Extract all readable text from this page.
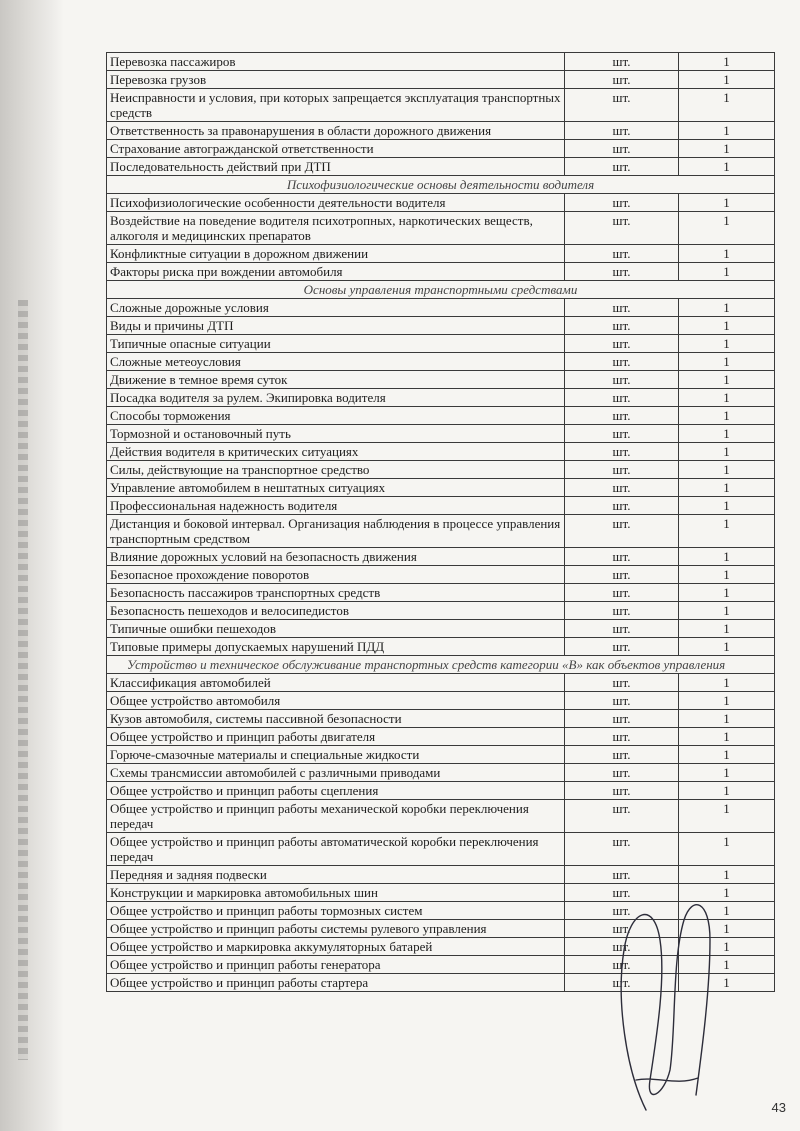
Перевозка пассажиров	шт.	1
Перевозка грузов	шт.	1
Неисправности и условия, при которых запрещается эксплуатация транспортных средств	шт.	1
Ответственность за правонарушения в области дорожного движения	шт.	1
Страхование автогражданской ответственности	шт.	1
Последовательность действий при ДТП	шт.	1
Психофизиологические основы деятельности водителя		
Психофизиологические особенности деятельности водителя	шт.	1
Воздействие на поведение водителя психотропных, наркотических веществ, алкоголя и медицинских препаратов	шт.	1
Конфликтные ситуации в дорожном движении	шт.	1
Факторы риска при вождении автомобиля	шт.	1
Основы управления транспортными средствами		
Сложные дорожные условия	шт.	1
Виды и причины ДТП	шт.	1
Типичные опасные ситуации	шт.	1
Сложные метеоусловия	шт.	1
Движение в темное время суток	шт.	1
Посадка водителя за рулем. Экипировка водителя	шт.	1
Способы торможения	шт.	1
Тормозной и остановочный путь	шт.	1
Действия водителя в критических ситуациях	шт.	1
Силы, действующие на транспортное средство	шт.	1
Управление автомобилем в нештатных ситуациях	шт.	1
Профессиональная надежность водителя	шт.	1
Дистанция и боковой интервал. Организация наблюдения в процессе управления транспортным средством	шт.	1
Влияние дорожных условий на безопасность движения	шт.	1
Безопасное прохождение поворотов	шт.	1
Безопасность пассажиров транспортных средств	шт.	1
Безопасность пешеходов и велосипедистов	шт.	1
Типичные ошибки пешеходов	шт.	1
Типовые примеры допускаемых нарушений ПДД	шт.	1
Устройство и техническое обслуживание транспортных средств категории «В» как объектов управления		
Классификация автомобилей	шт.	1
Общее устройство автомобиля	шт.	1
Кузов автомобиля, системы пассивной безопасности	шт.	1
Общее устройство и принцип работы двигателя	шт.	1
Горюче-смазочные материалы и специальные жидкости	шт.	1
Схемы трансмиссии автомобилей с различными приводами	шт.	1
Общее устройство и принцип работы сцепления	шт.	1
Общее устройство и принцип работы механической коробки переключения передач	шт.	1
Общее устройство и принцип работы автоматической коробки переключения передач	шт.	1
Передняя и задняя подвески	шт.	1
Конструкции и маркировка автомобильных шин	шт.	1
Общее устройство и принцип работы тормозных систем	шт.	1
Общее устройство и принцип работы системы рулевого управления	шт.	1
Общее устройство и маркировка аккумуляторных батарей	шт.	1
Общее устройство и принцип работы генератора	шт.	1
Общее устройство и принцип работы стартера	шт.	1
43
